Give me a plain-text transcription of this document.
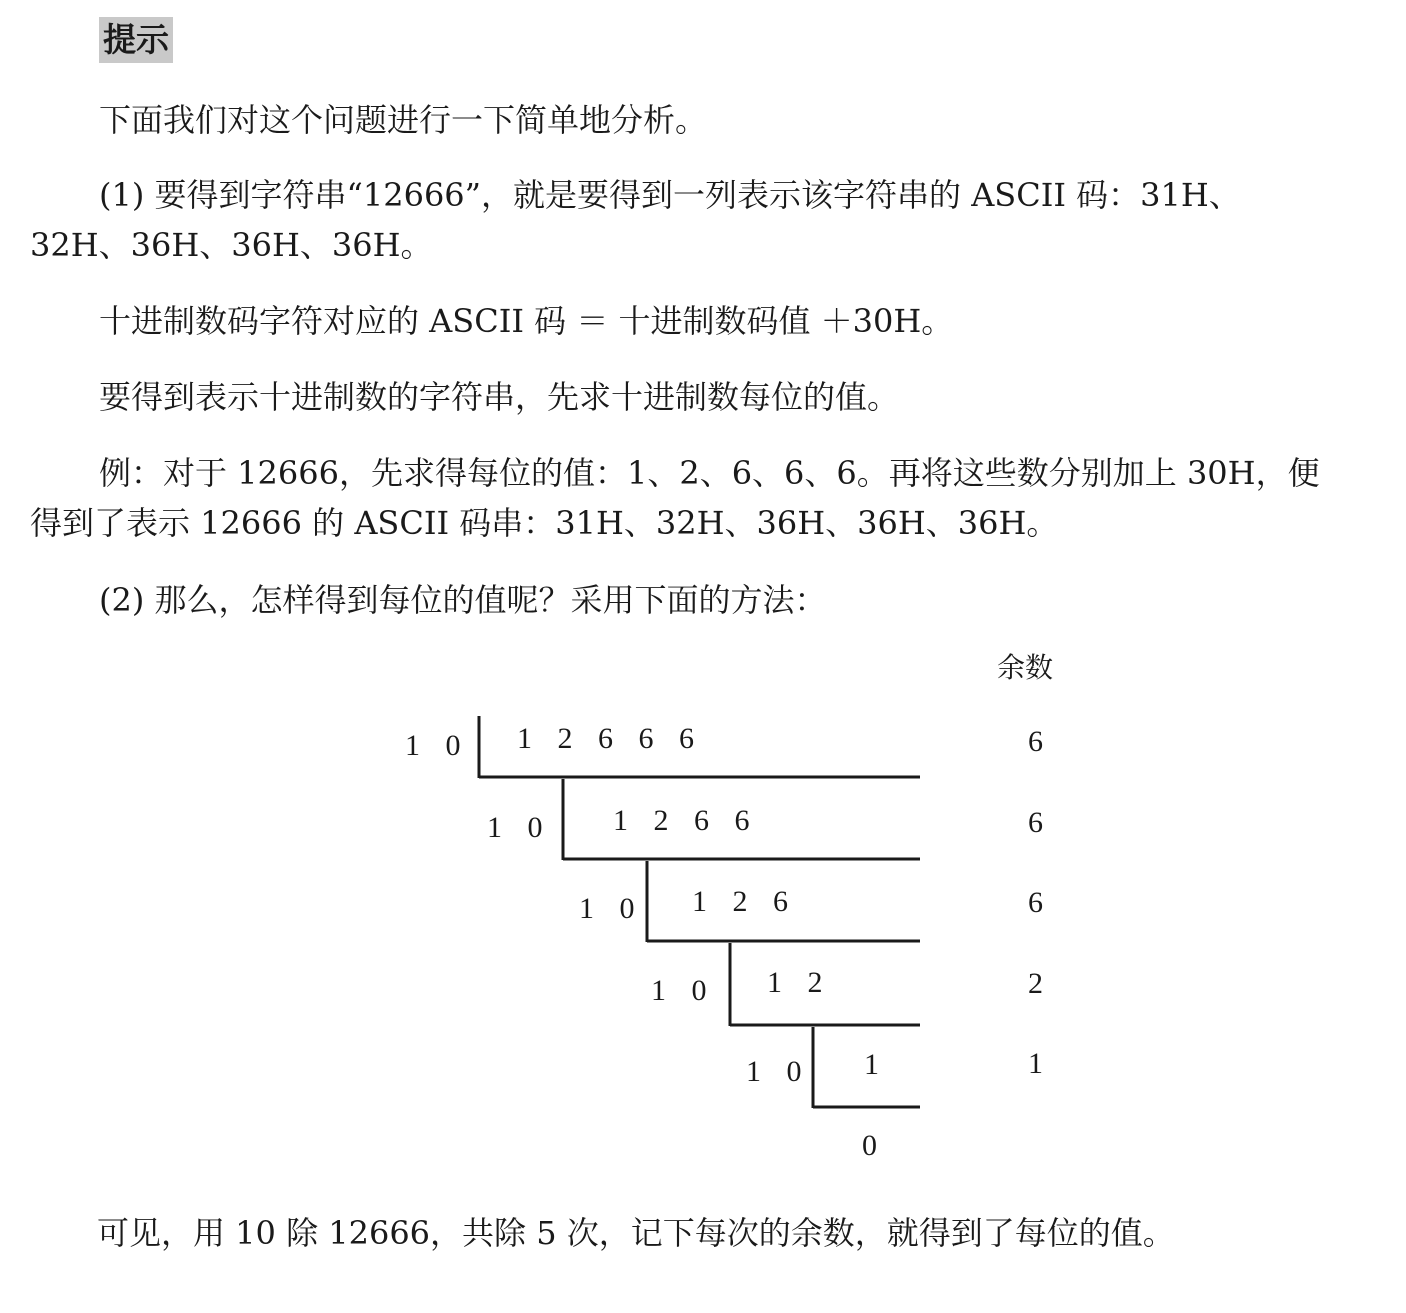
提示
下面我们对这个问题进行一下简单地分析。
(1) 要得到字符串“12666”，就是要得到一列表示该字符串的 ASCII 码：31H、
32H、36H、36H、36H。
十进制数码字符对应的 ASCII 码 ＝ 十进制数码值 ＋30H。
要得到表示十进制数的字符串，先求十进制数每位的值。
例：对于 12666，先求得每位的值：1、2、6、6、6。再将这些数分别加上 30H，便
得到了表示 12666 的 ASCII 码串：31H、32H、36H、36H、36H。
(2) 那么，怎样得到每位的值呢？采用下面的方法：
余数
1 0 1 2 6 6 6	6
1 0 1 2 6 6	6
1 0 1 2 6	6
1 0 1 2	2
1 0 1	1
0
可见，用 10 除 12666，共除 5 次，记下每次的余数，就得到了每位的值。
